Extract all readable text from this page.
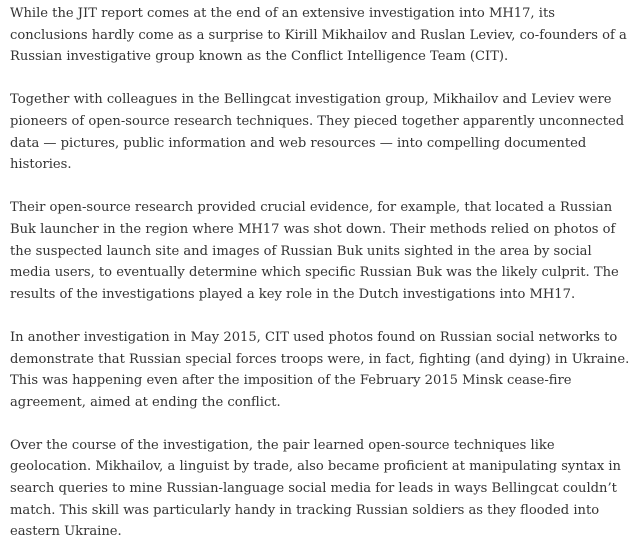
While the JIT report comes at the end of an extensive investigation into MH17, its conclusions hardly come as a surprise to Kirill Mikhailov and Ruslan Leviev, co-founders of a Russian investigative group known as the Conflict Intelligence Team (CIT).

Together with colleagues in the Bellingcat investigation group, Mikhailov and Leviev were pioneers of open-source research techniques. They pieced together apparently unconnected data — pictures, public information and web resources — into compelling documented histories.

Their open-source research provided crucial evidence, for example, that located a Russian Buk launcher in the region where MH17 was shot down. Their methods relied on photos of the suspected launch site and images of Russian Buk units sighted in the area by social media users, to eventually determine which specific Russian Buk was the likely culprit. The results of the investigations played a key role in the Dutch investigations into MH17.

In another investigation in May 2015, CIT used photos found on Russian social networks to demonstrate that Russian special forces troops were, in fact, fighting (and dying) in Ukraine. This was happening even after the imposition of the February 2015 Minsk cease-fire agreement, aimed at ending the conflict.

Over the course of the investigation, the pair learned open-source techniques like geolocation. Mikhailov, a linguist by trade, also became proficient at manipulating syntax in search queries to mine Russian-language social media for leads in ways Bellingcat couldn’t match. This skill was particularly handy in tracking Russian soldiers as they flooded into eastern Ukraine.
